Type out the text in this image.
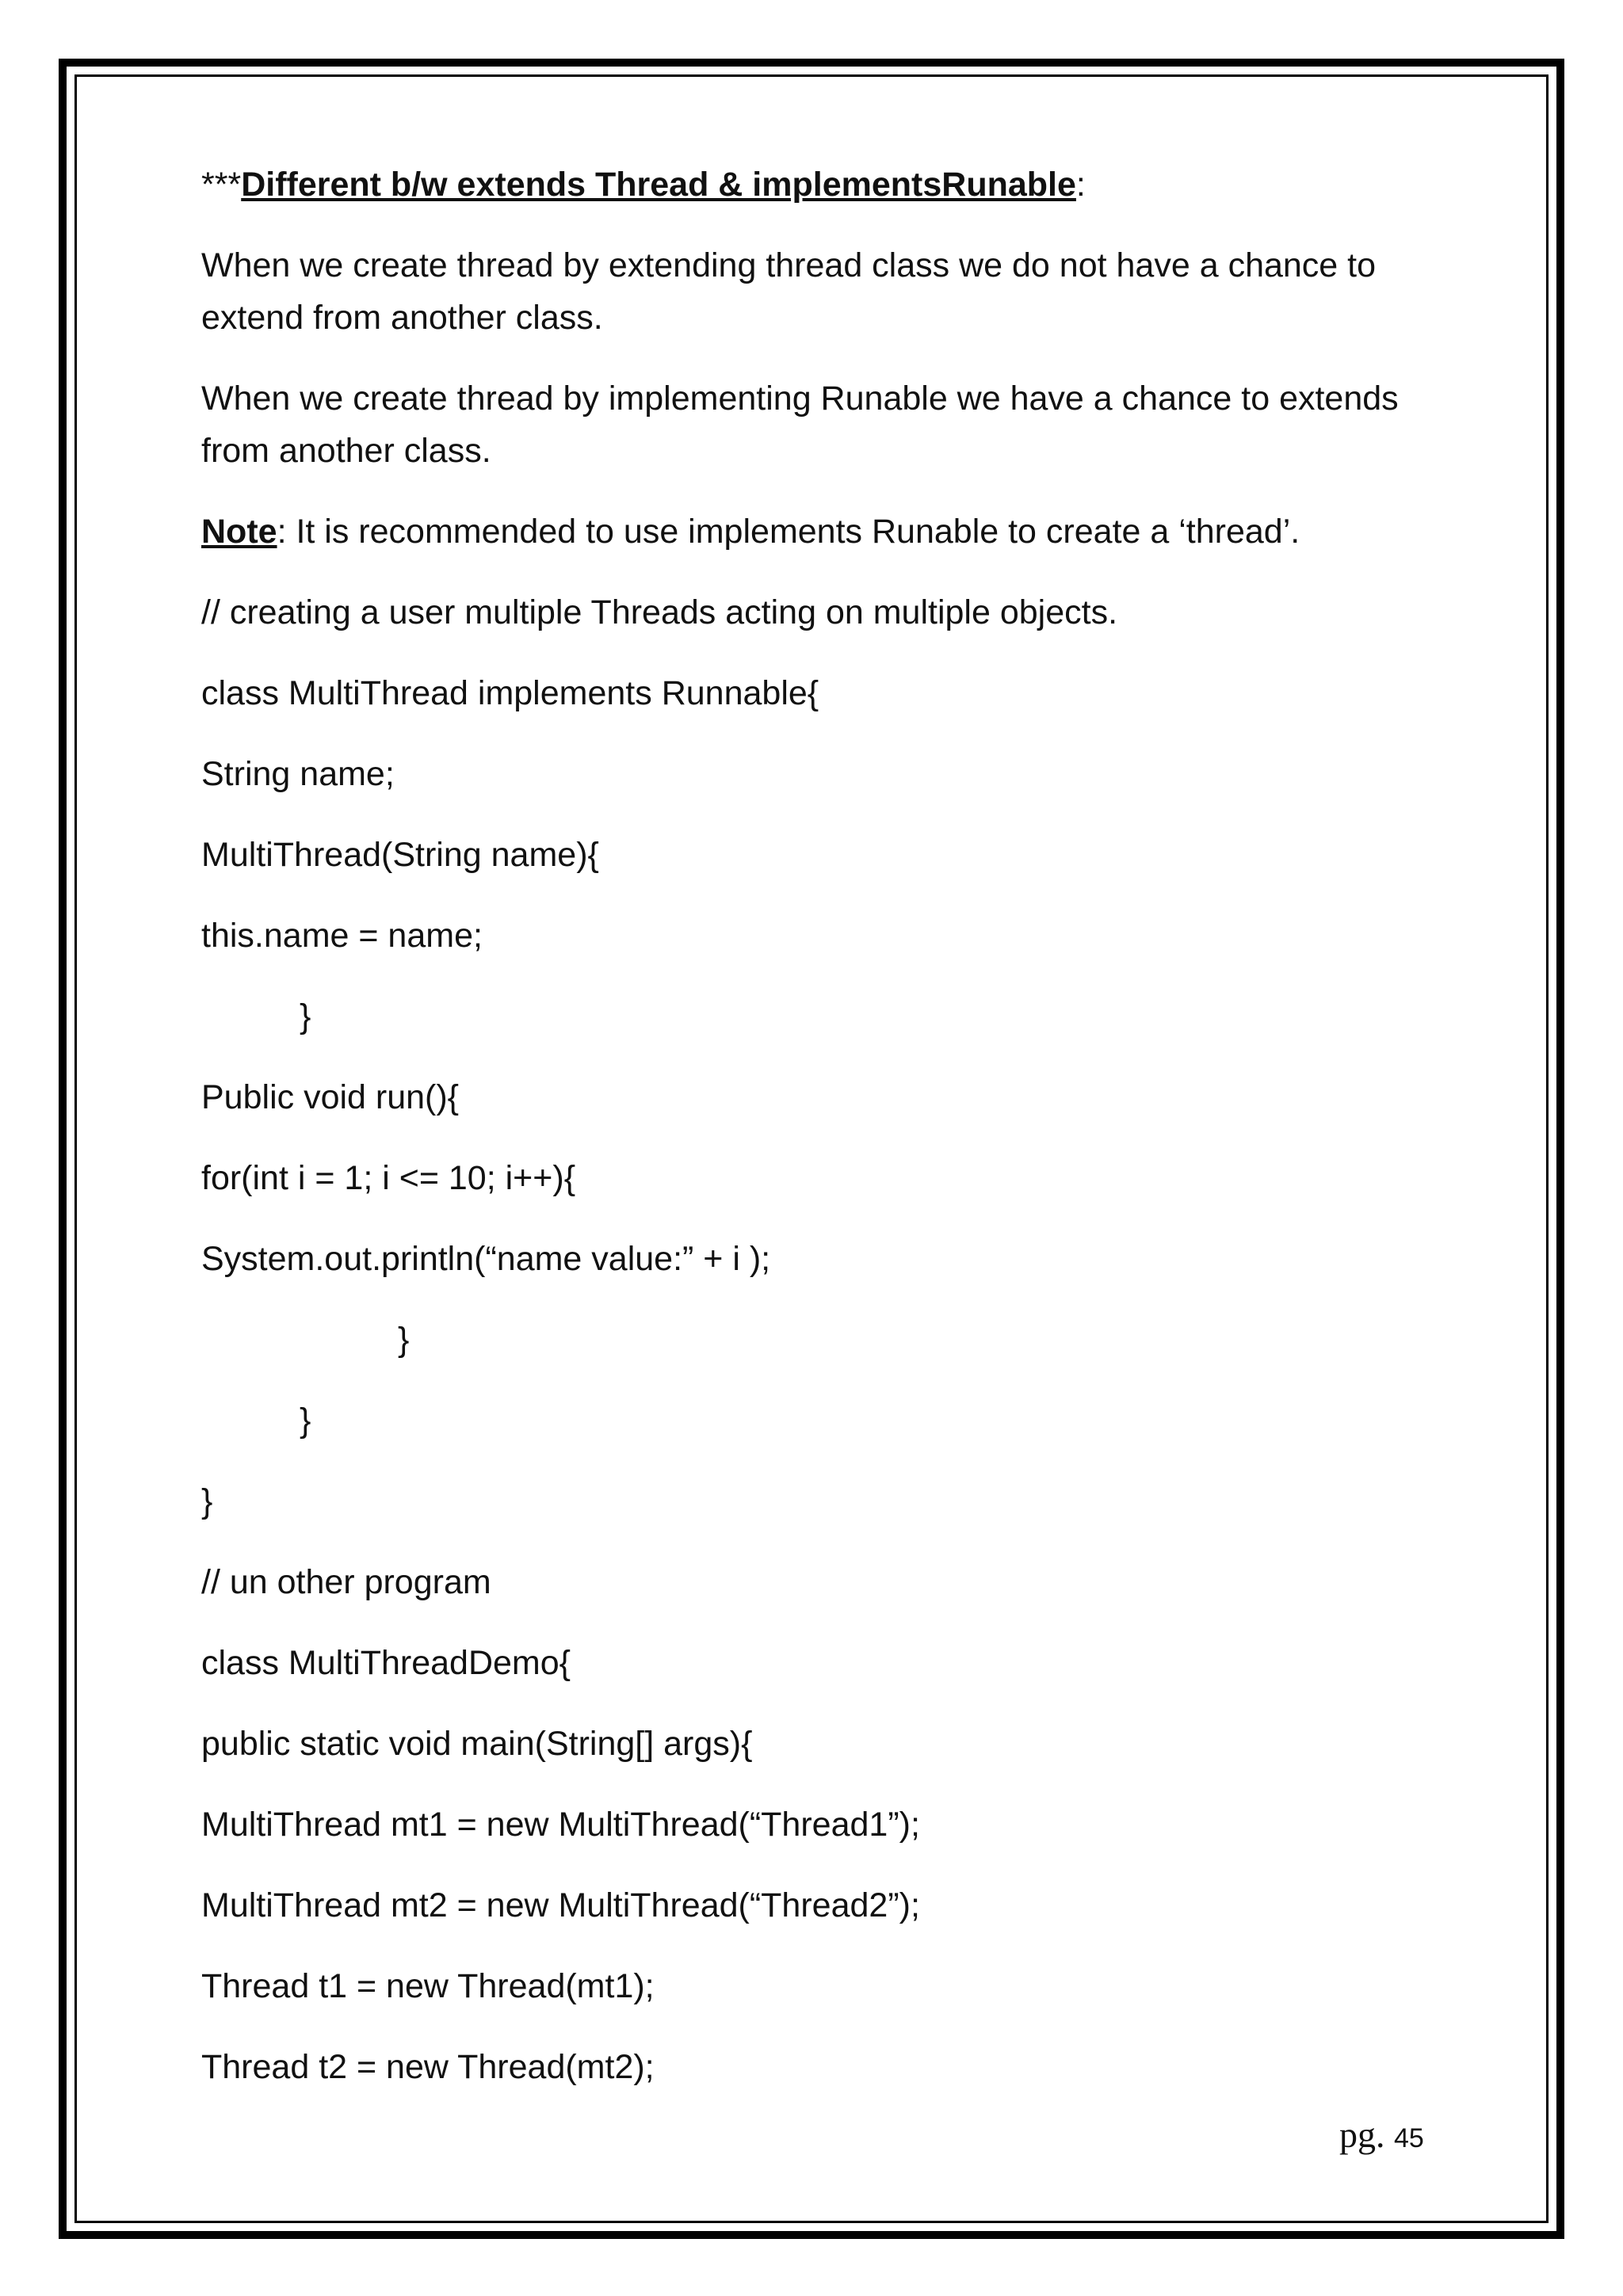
***Different b/w extends Thread & implementsRunable:
When we create thread by extending thread class we do not have a chance to extend from another class.
When we create thread by implementing Runable we have a chance to extends from another class.
Note: It is recommended to use implements Runable to create a ‘thread’.
// creating a user multiple Threads acting on multiple objects.
class MultiThread implements Runnable{
String name;
MultiThread(String name){
this.name = name;
}
Public void run(){
for(int i = 1; i <= 10; i++){
System.out.println(“name value:” + i );
}
}
}
// un other program
class MultiThreadDemo{
public static void main(String[] args){
MultiThread mt1 = new MultiThread(“Thread1”);
MultiThread mt2 = new MultiThread(“Thread2”);
Thread t1 = new Thread(mt1);
Thread t2 = new Thread(mt2);
pg. 45
